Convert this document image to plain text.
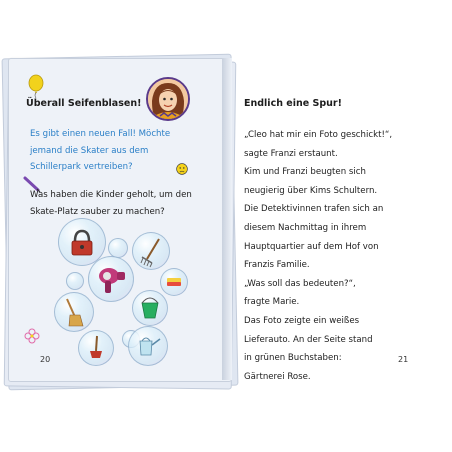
Überall Seifenblasen!
Es gibt einen neuen Fall! Möchte
jemand die Skater aus dem
Schillerpark vertreiben?
Was haben die Kinder geholt, um den
Skate-Platz sauber zu machen?
20
Endlich eine Spur!
„Cleo hat mir ein Foto geschickt!“,
sagte Franzi erstaunt.
Kim und Franzi beugten sich
neugierig über Kims Schultern.
Die Detektivinnen trafen sich an
diesem Nachmittag in ihrem
Hauptquartier auf dem Hof von
Franzis Familie.
„Was soll das bedeuten?“,
fragte Marie.
Das Foto zeigte ein weißes
Lieferauto. An der Seite stand
in grünen Buchstaben:
Gärtnerei Rose.
21
